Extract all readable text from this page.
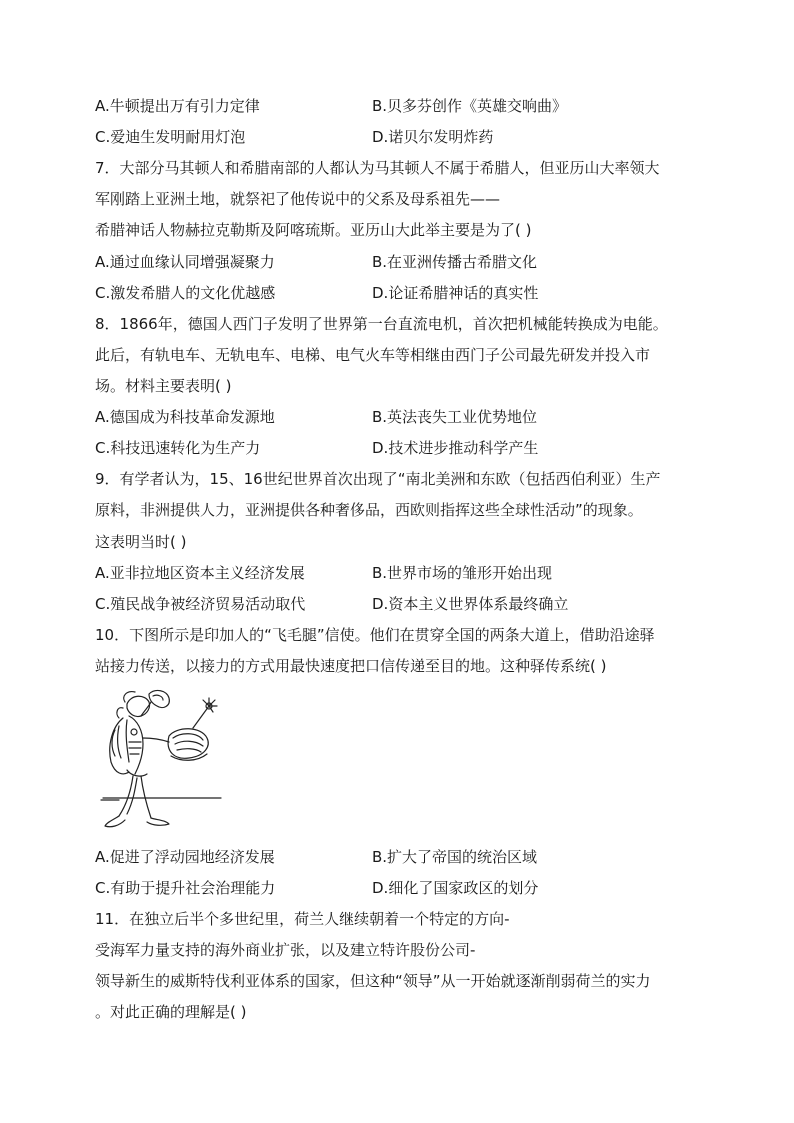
A.牛顿提出万有引力定律	B.贝多芬创作《英雄交响曲》
C.爱迪生发明耐用灯泡	D.诺贝尔发明炸药
7．大部分马其顿人和希腊南部的人都认为马其顿人不属于希腊人，但亚历山大率领大
军刚踏上亚洲土地，就祭祀了他传说中的父系及母系祖先——
希腊神话人物赫拉克勒斯及阿喀琉斯。亚历山大此举主要是为了( )
A.通过血缘认同增强凝聚力	B.在亚洲传播古希腊文化
C.激发希腊人的文化优越感	D.论证希腊神话的真实性
8．1866年，德国人西门子发明了世界第一台直流电机，首次把机械能转换成为电能。
此后，有轨电车、无轨电车、电梯、电气火车等相继由西门子公司最先研发并投入市
场。材料主要表明( )
A.德国成为科技革命发源地	B.英法丧失工业优势地位
C.科技迅速转化为生产力	D.技术进步推动科学产生
9．有学者认为，15、16世纪世界首次出现了“南北美洲和东欧（包括西伯利亚）生产
原料，非洲提供人力，亚洲提供各种奢侈品，西欧则指挥这些全球性活动”的现象。
这表明当时( )
A.亚非拉地区资本主义经济发展	B.世界市场的雏形开始出现
C.殖民战争被经济贸易活动取代	D.资本主义世界体系最终确立
10．下图所示是印加人的“飞毛腿”信使。他们在贯穿全国的两条大道上，借助沿途驿
站接力传送，以接力的方式用最快速度把口信传递至目的地。这种驿传系统( )
A.促进了浮动园地经济发展	B.扩大了帝国的统治区域
C.有助于提升社会治理能力	D.细化了国家政区的划分
11．在独立后半个多世纪里，荷兰人继续朝着一个特定的方向-
受海军力量支持的海外商业扩张，以及建立特许股份公司-
领导新生的威斯特伐利亚体系的国家，但这种“领导”从一开始就逐渐削弱荷兰的实力
。对此正确的理解是( )
